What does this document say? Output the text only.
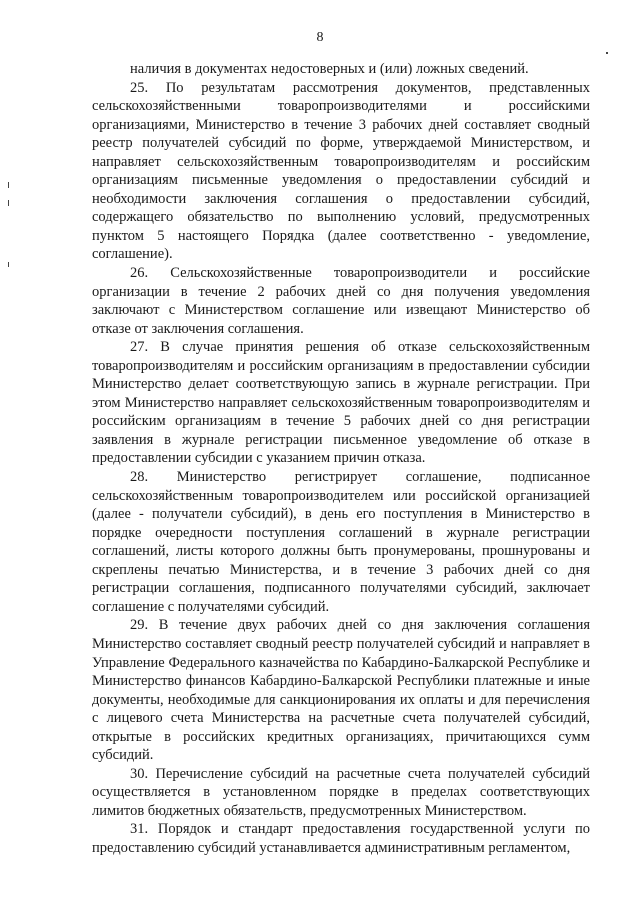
8

наличия в документах недостоверных и (или) ложных сведений.

25. По результатам рассмотрения документов, представленных сельскохозяйственными товаропроизводителями и российскими организациями, Министерство в течение 3 рабочих дней составляет сводный реестр получателей субсидий по форме, утверждаемой Министерством, и направляет сельскохозяйственным товаропроизводителям и российским организациям письменные уведомления о предоставлении субсидий и необходимости заключения соглашения о предоставлении субсидий, содержащего обязательство по выполнению условий, предусмотренных пунктом 5 настоящего Порядка (далее соответственно - уведомление, соглашение).

26. Сельскохозяйственные товаропроизводители и российские организации в течение 2 рабочих дней со дня получения уведомления заключают с Министерством соглашение или извещают Министерство об отказе от заключения соглашения.

27. В случае принятия решения об отказе сельскохозяйственным товаропроизводителям и российским организациям в предоставлении субсидии Министерство делает соответствующую запись в журнале регистрации. При этом Министерство направляет сельскохозяйственным товаропроизводителям и российским организациям в течение 5 рабочих дней со дня регистрации заявления в журнале регистрации письменное уведомление об отказе в предоставлении субсидии с указанием причин отказа.

28. Министерство регистрирует соглашение, подписанное сельскохозяйственным товаропроизводителем или российской организацией (далее - получатели субсидий), в день его поступления в Министерство в порядке очередности поступления соглашений в журнале регистрации соглашений, листы которого должны быть пронумерованы, прошнурованы и скреплены печатью Министерства, и в течение 3 рабочих дней со дня регистрации соглашения, подписанного получателями субсидий, заключает соглашение с получателями субсидий.

29. В течение двух рабочих дней со дня заключения соглашения Министерство составляет сводный реестр получателей субсидий и направляет в Управление Федерального казначейства по Кабардино-Балкарской Республике и Министерство финансов Кабардино-Балкарской Республики платежные и иные документы, необходимые для санкционирования их оплаты и для перечисления с лицевого счета Министерства на расчетные счета получателей субсидий, открытые в российских кредитных организациях, причитающихся сумм субсидий.

30. Перечисление субсидий на расчетные счета получателей субсидий осуществляется в установленном порядке в пределах соответствующих лимитов бюджетных обязательств, предусмотренных Министерством.

31. Порядок и стандарт предоставления государственной услуги по предоставлению субсидий устанавливается административным регламентом,
